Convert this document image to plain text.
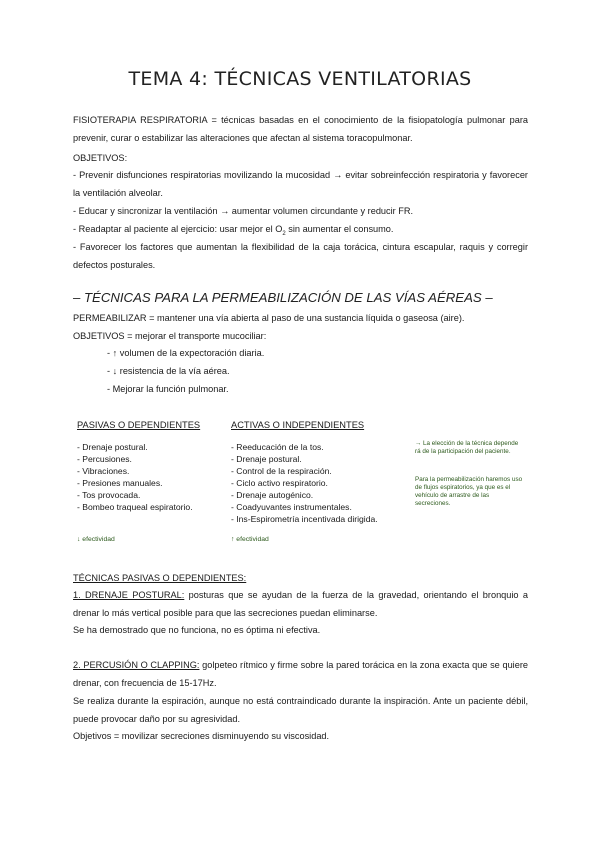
TEMA 4: TÉCNICAS VENTILATORIAS

FISIOTERAPIA RESPIRATORIA = técnicas basadas en el conocimiento de la fisiopatología pulmonar para prevenir, curar o estabilizar las alteraciones que afectan al sistema toracopulmonar.

OBJETIVOS:

- Prevenir disfunciones respiratorias movilizando la mucosidad → evitar sobreinfección respiratoria y favorecer la ventilación alveolar.

- Educar y sincronizar la ventilación → aumentar volumen circundante y reducir FR.

- Readaptar al paciente al ejercicio: usar mejor el $O_2$ sin aumentar el consumo.

- Favorecer los factores que aumentan la flexibilidad de la caja torácica, cintura escapular, raquis y corregir defectos posturales.

– TÉCNICAS PARA LA PERMEABILIZACIÓN DE LAS VÍAS AÉREAS –

PERMEABILIZAR = mantener una vía abierta al paso de una sustancia líquida o gaseosa (aire).

OBJETIVOS = mejorar el transporte mucociliar:

- ↑ volumen de la expectoración diaria.
- ↓ resistencia de la vía aérea.
- Mejorar la función pulmonar.
PASIVAS O DEPENDIENTES	ACTIVAS O INDEPENDIENTES
- Drenaje postural.
- Percusiones.
- Vibraciones.
- Presiones manuales.
- Tos provocada.
- Bombeo traqueal espiratorio.
- Reeducación de la tos.
- Drenaje postural.
- Control de la respiración.
- Ciclo activo respiratorio.
- Drenaje autogénico.
- Coadyuvantes instrumentales.
- Ins-Espirometría incentivada dirigida.
→ La elección de la técnica depende rá de la participación del paciente.
Para la permeabilización haremos uso de flujos espiratorios, ya que es el vehículo de arrastre de las secreciones.
↓ efectividad	↑ efectividad

TÉCNICAS PASIVAS O DEPENDIENTES:

1. DRENAJE POSTURAL: posturas que se ayudan de la fuerza de la gravedad, orientando el bronquio a drenar lo más vertical posible para que las secreciones puedan eliminarse.

Se ha demostrado que no funciona, no es óptima ni efectiva.

2. PERCUSIÓN O CLAPPING: golpeteo rítmico y firme sobre la pared torácica en la zona exacta que se quiere drenar, con frecuencia de 15-17Hz.

Se realiza durante la espiración, aunque no está contraindicado durante la inspiración. Ante un paciente débil, puede provocar daño por su agresividad.

Objetivos = movilizar secreciones disminuyendo su viscosidad.
